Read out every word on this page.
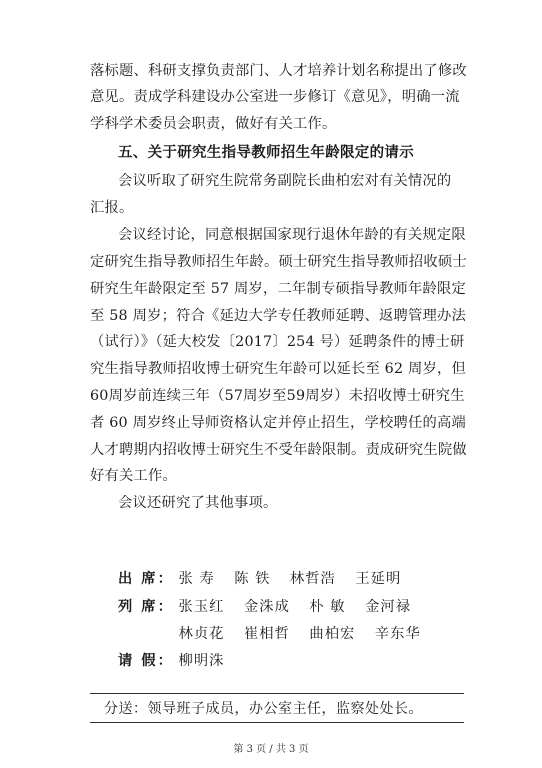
落标题、科研支撑负责部门、人才培养计划名称提出了修改
意见。责成学科建设办公室进一步修订《意见》，明确一流
学科学术委员会职责，做好有关工作。
五、关于研究生指导教师招生年龄限定的请示
会议听取了研究生院常务副院长曲柏宏对有关情况的
汇报。
会议经讨论，同意根据国家现行退休年龄的有关规定限
定研究生指导教师招生年龄。硕士研究生指导教师招收硕士
研究生年龄限定至 57 周岁，二年制专硕指导教师年龄限定
至 58 周岁；符合《延边大学专任教师延聘、返聘管理办法
（试行）》（延大校发〔2017〕254 号）延聘条件的博士研
究生指导教师招收博士研究生年龄可以延长至 62 周岁，但
60周岁前连续三年（57周岁至59周岁）未招收博士研究生
者 60 周岁终止导师资格认定并停止招生，学校聘任的高端
人才聘期内招收博士研究生不受年龄限制。责成研究生院做
好有关工作。
会议还研究了其他事项。
出 席： 张 寿 陈 铁 林哲浩 王延明
列 席： 张玉红 金洙成 朴 敏 金河禄
林贞花 崔相哲 曲柏宏 辛东华
请 假： 柳明洙
分送：领导班子成员，办公室主任，监察处处长。
第 3 页 / 共 3 页
